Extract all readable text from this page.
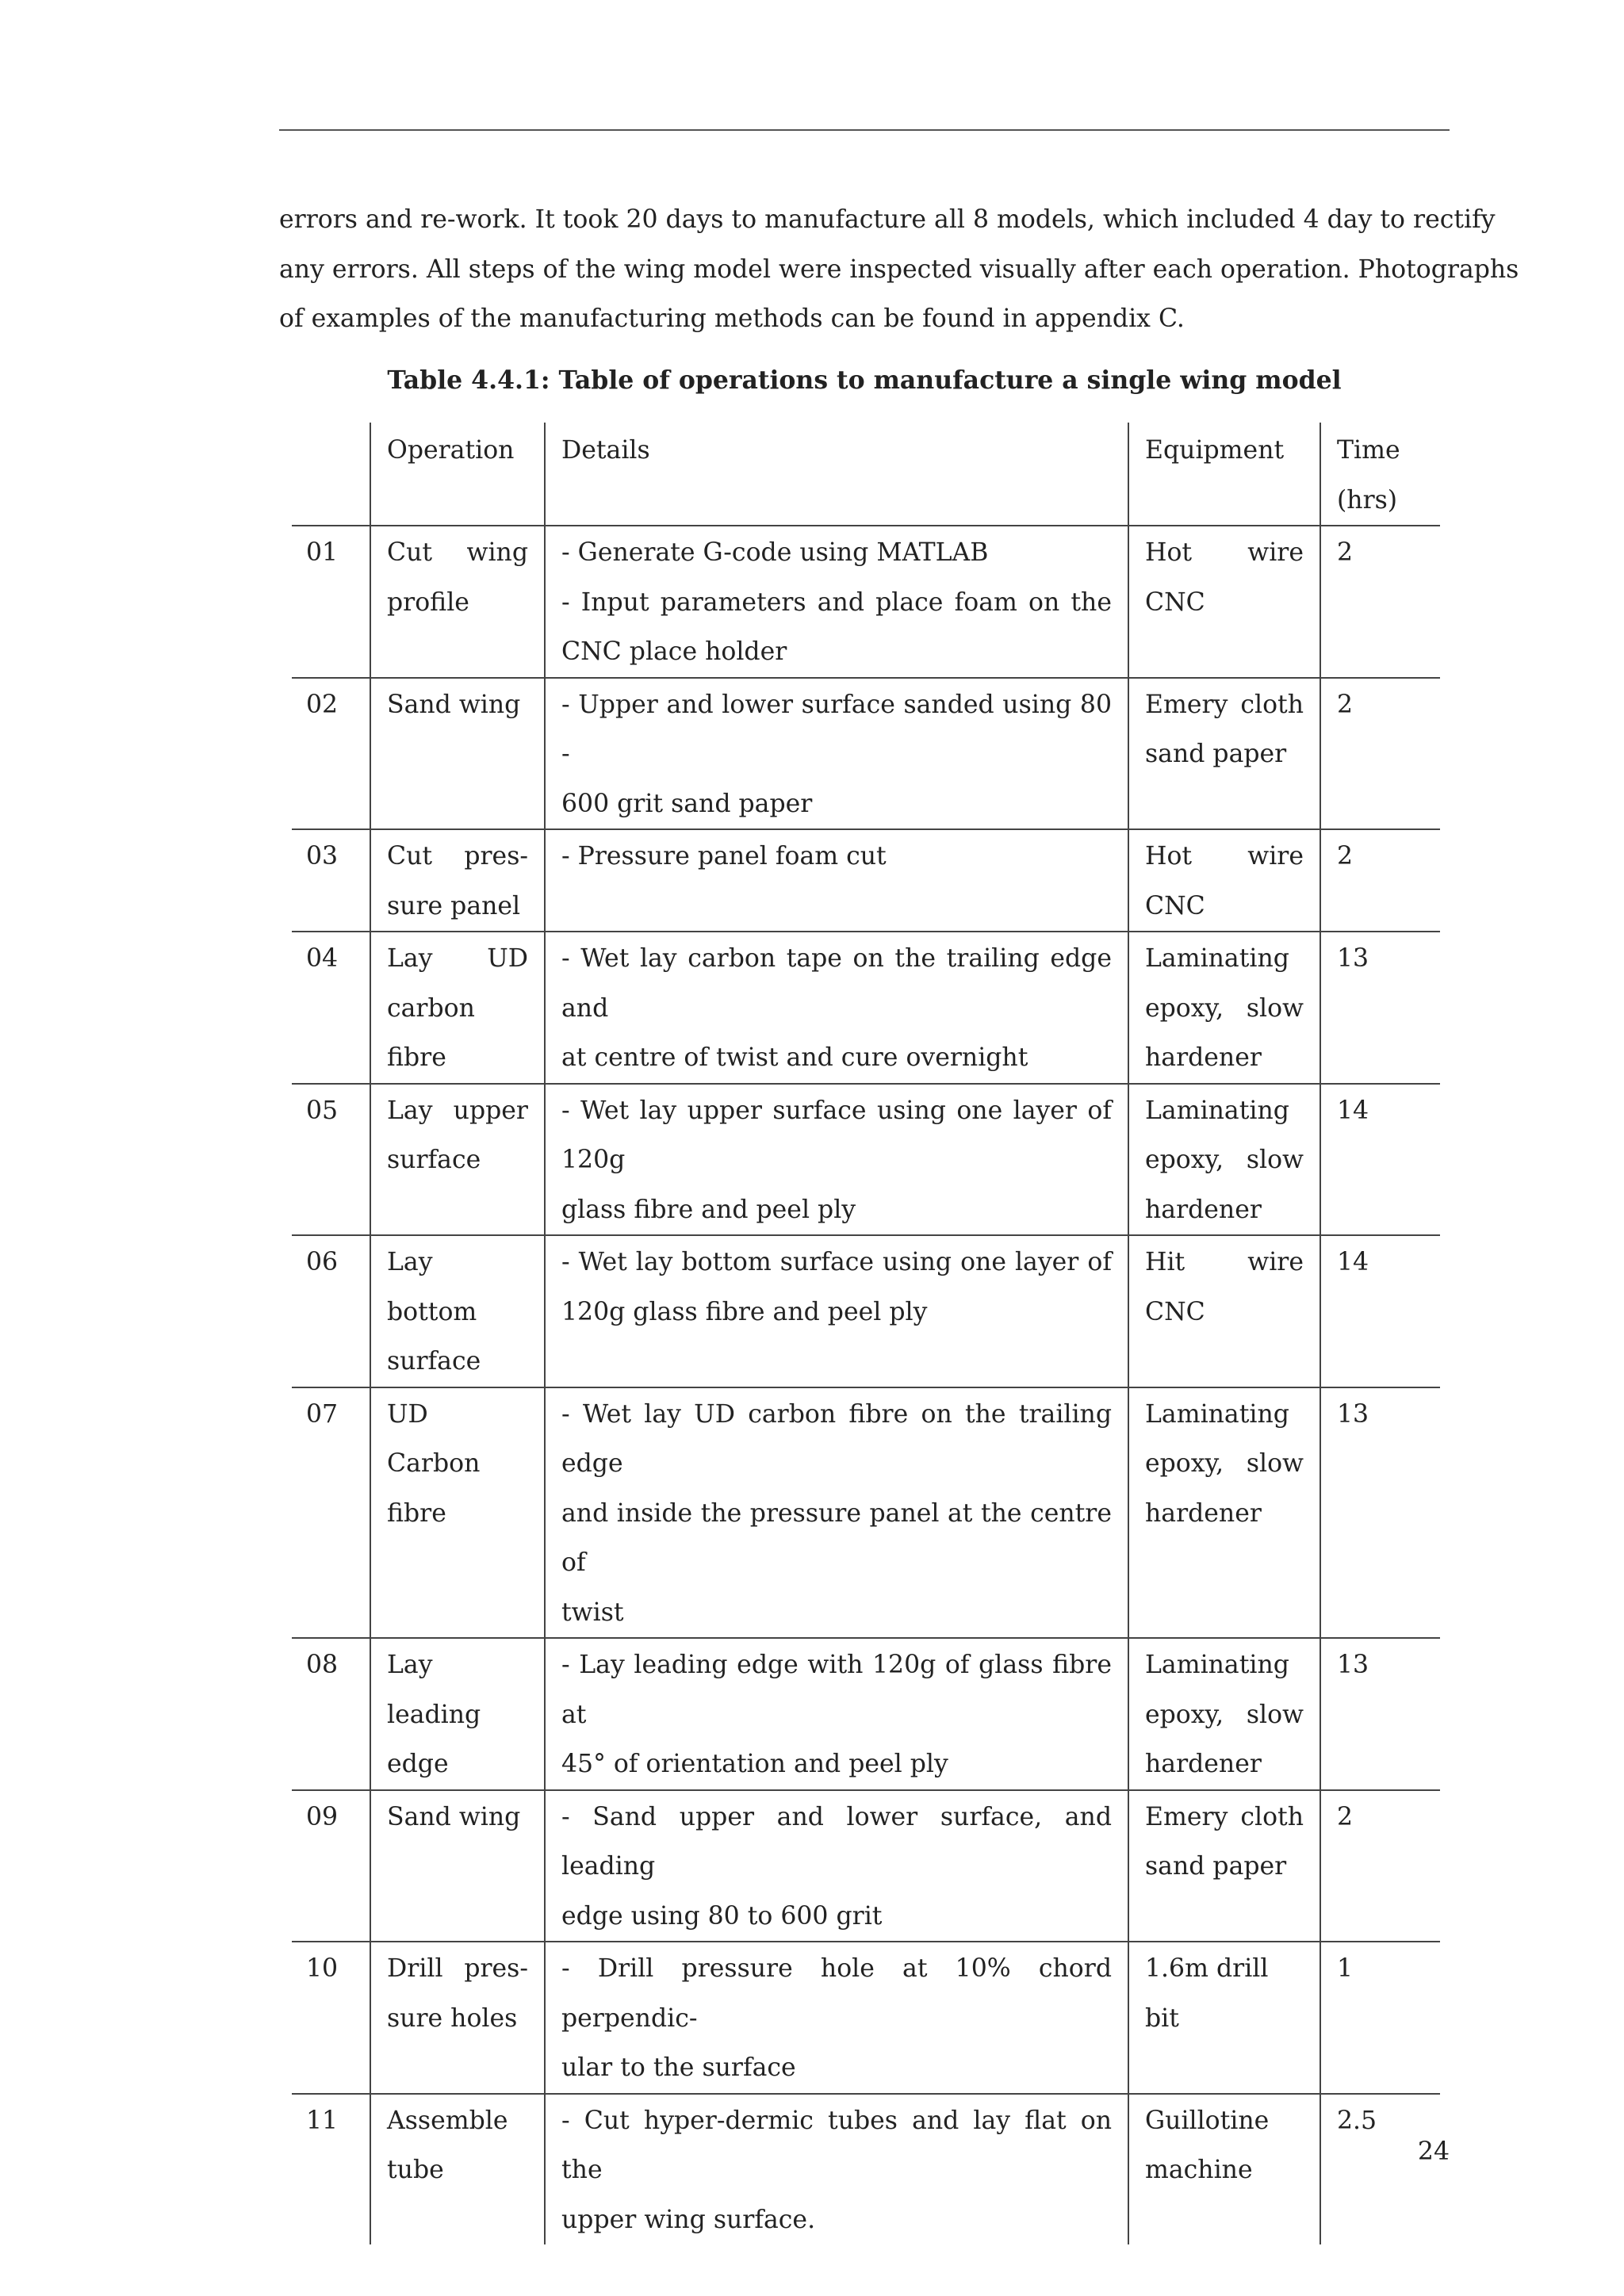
errors and re-work. It took 20 days to manufacture all 8 models, which included 4 day to rectify
any errors. All steps of the wing model were inspected visually after each operation. Photographs
of examples of the manufacturing methods can be found in appendix C.

Table 4.4.1: Table of operations to manufacture a single wing model

	Operation	Details	Equipment	Time (hrs)
01	Cut wing
profile	- Generate G-code using MATLAB
- Input parameters and place foam on the
CNC place holder	Hot wire
CNC	2
02	Sand wing	- Upper and lower surface sanded using 80 -
600 grit sand paper	Emery cloth
sand paper	2
03	Cut pres-
sure panel	- Pressure panel foam cut	Hot wire
CNC	2
04	Lay UD
carbon
fibre	- Wet lay carbon tape on the trailing edge and
at centre of twist and cure overnight	Laminating
epoxy, slow
hardener	13
05	Lay upper
surface	- Wet lay upper surface using one layer of 120g
glass fibre and peel ply	Laminating
epoxy, slow
hardener	14
06	Lay bottom
surface	- Wet lay bottom surface using one layer of
120g glass fibre and peel ply	Hit wire
CNC	14
07	UD Carbon
fibre	- Wet lay UD carbon fibre on the trailing edge
and inside the pressure panel at the centre of
twist	Laminating
epoxy, slow
hardener	13
08	Lay leading
edge	- Lay leading edge with 120g of glass fibre at
45° of orientation and peel ply	Laminating
epoxy, slow
hardener	13
09	Sand wing	- Sand upper and lower surface, and leading
edge using 80 to 600 grit	Emery cloth
sand paper	2
10	Drill pres-
sure holes	- Drill pressure hole at 10% chord perpendic-
ular to the surface	1.6m drill bit	1
11	Assemble
tube	- Cut hyper-dermic tubes and lay flat on the
upper wing surface.	Guillotine
machine	2.5

24
